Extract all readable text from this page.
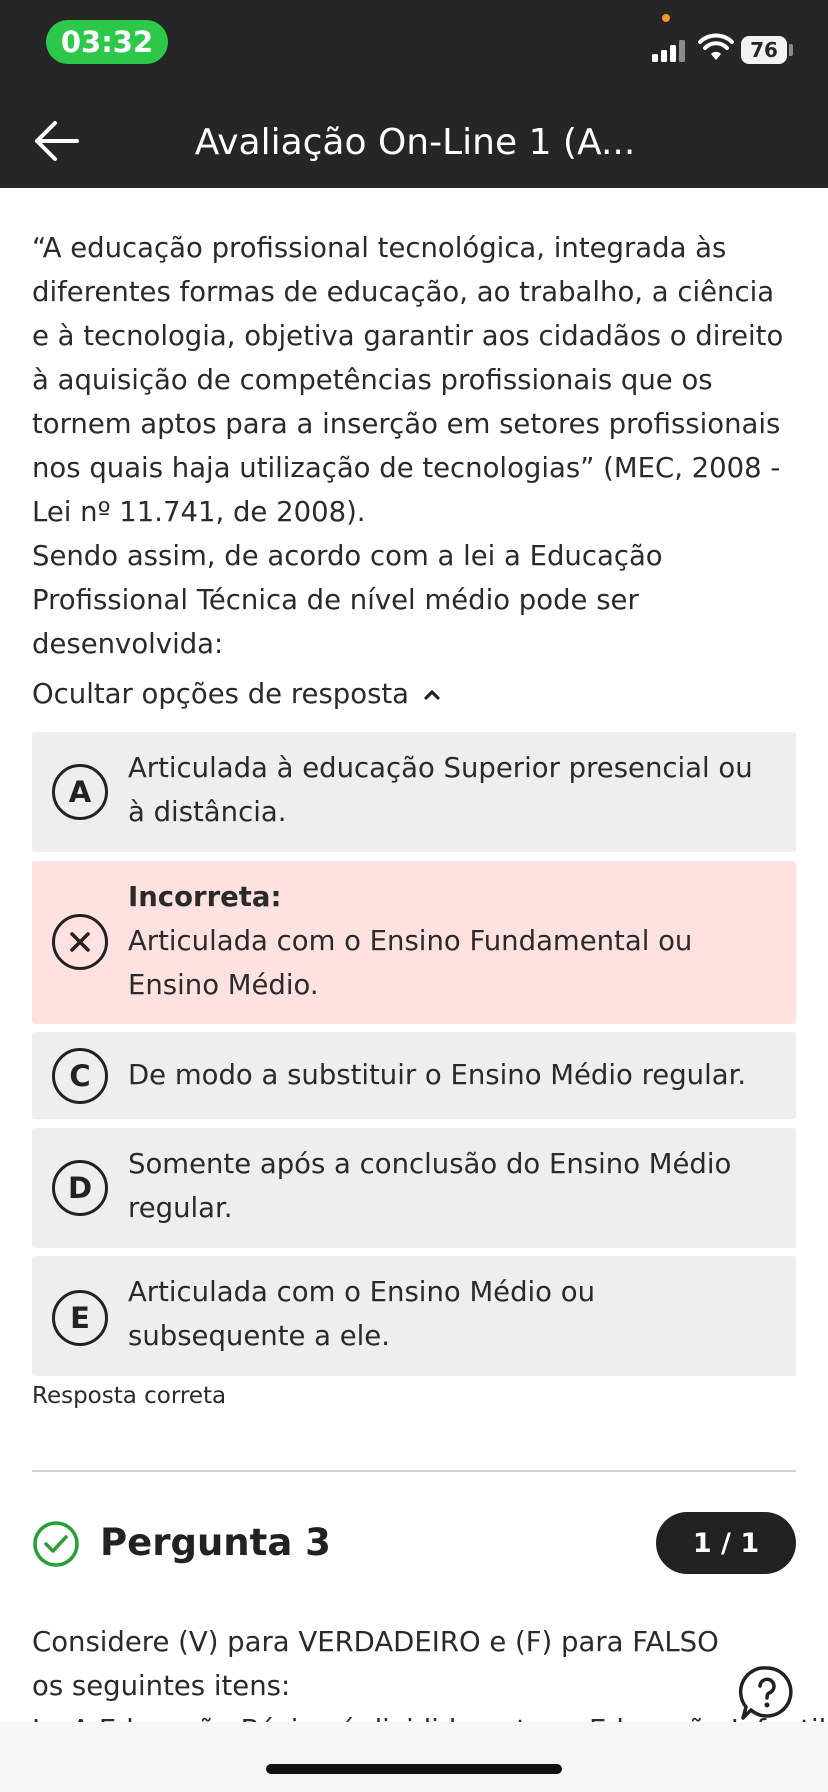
03:32	76
Avaliação On-Line 1 (A...

“A educação profissional tecnológica, integrada às diferentes formas de educação, ao trabalho, a ciência e à tecnologia, objetiva garantir aos cidadãos o direito à aquisição de competências profissionais que os tornem aptos para a inserção em setores profissionais nos quais haja utilização de tecnologias” (MEC, 2008 - Lei nº 11.741, de 2008).

Sendo assim, de acordo com a lei a Educação Profissional Técnica de nível médio pode ser desenvolvida:

Ocultar opções de resposta
A
Articulada à educação Superior presencial ou à distância.
Incorreta:
Articulada com o Ensino Fundamental ou Ensino Médio.
C	De modo a substituir o Ensino Médio regular.
D
Somente após a conclusão do Ensino Médio regular.
E
Articulada com o Ensino Médio ou subsequente a ele.
Resposta correta
Pergunta 3	1 / 1
Considere (V) para VERDADEIRO e (F) para FALSO os seguintes itens:
